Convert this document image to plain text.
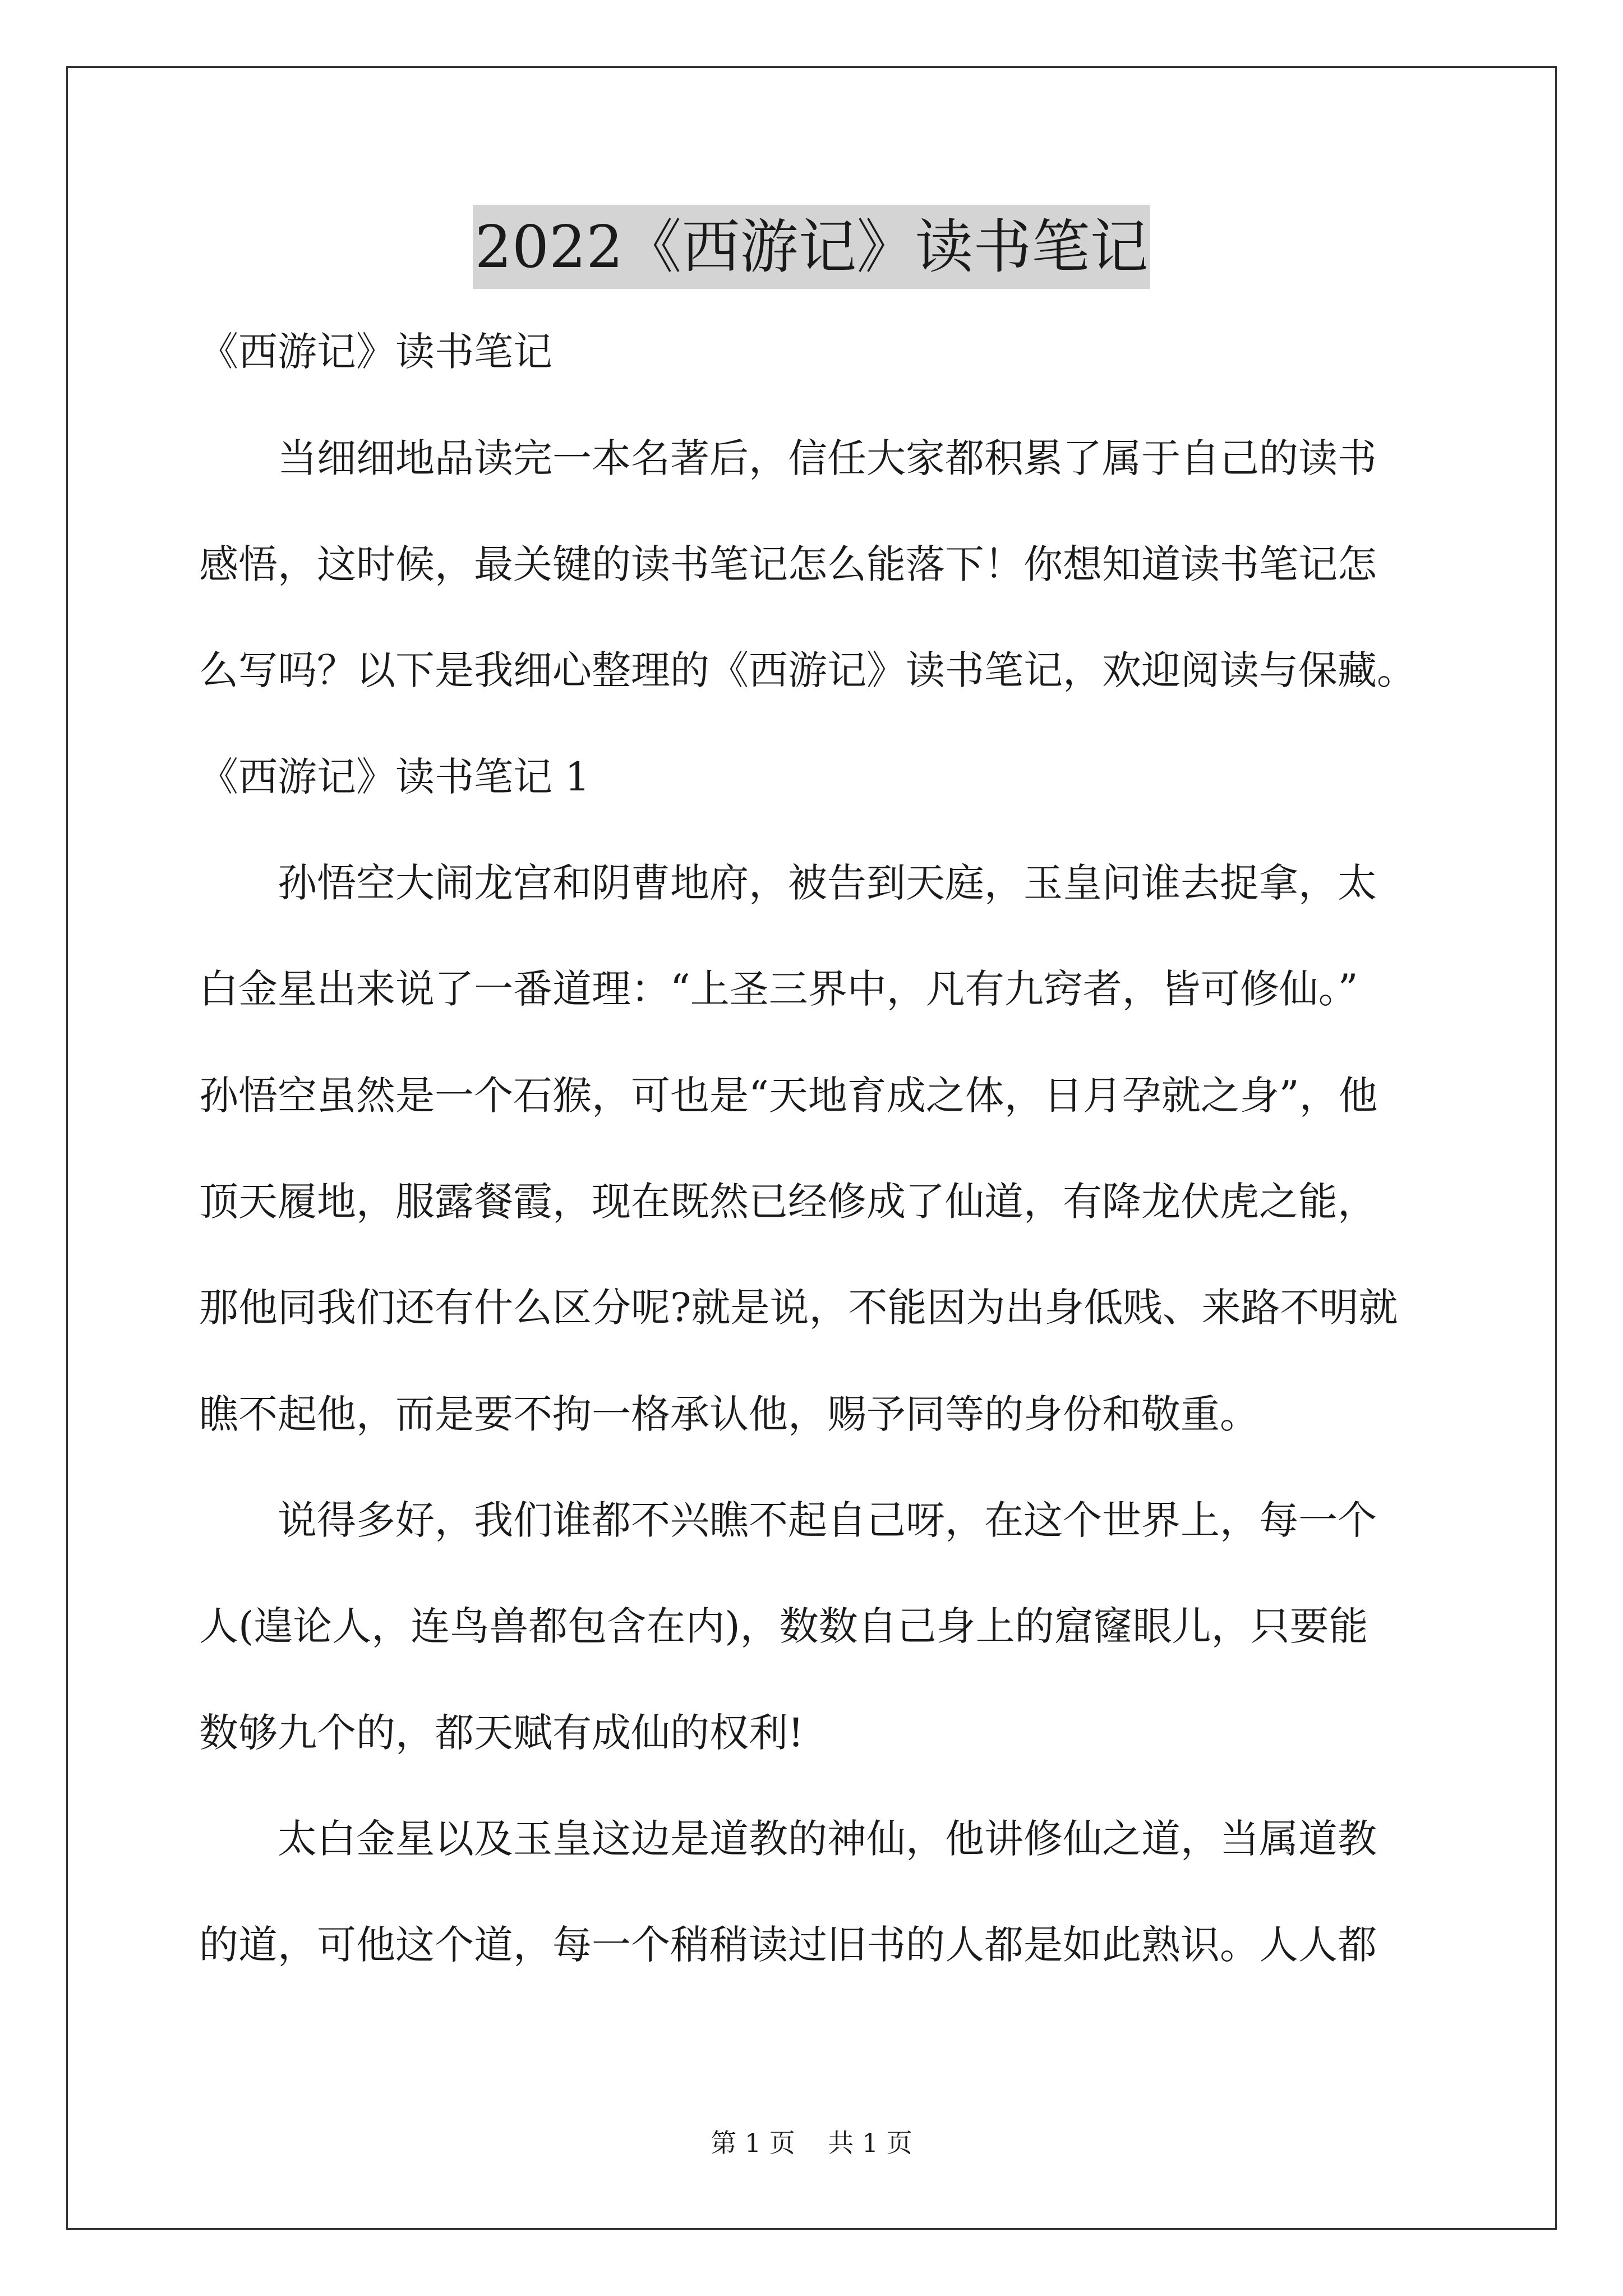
2022《西游记》读书笔记
《西游记》读书笔记
　　当细细地品读完一本名著后，信任大家都积累了属于自己的读书
感悟，这时候，最关键的读书笔记怎么能落下！你想知道读书笔记怎
么写吗？以下是我细心整理的《西游记》读书笔记，欢迎阅读与保藏。
《西游记》读书笔记 1
　　孙悟空大闹龙宫和阴曹地府，被告到天庭，玉皇问谁去捉拿，太
白金星出来说了一番道理：“上圣三界中，凡有九窍者，皆可修仙。”
孙悟空虽然是一个石猴，可也是“天地育成之体，日月孕就之身”，他
顶天履地，服露餐霞，现在既然已经修成了仙道，有降龙伏虎之能，
那他同我们还有什么区分呢?就是说，不能因为出身低贱、来路不明就
瞧不起他，而是要不拘一格承认他，赐予同等的身份和敬重。
　　说得多好，我们谁都不兴瞧不起自己呀，在这个世界上，每一个
人(遑论人，连鸟兽都包含在内)，数数自己身上的窟窿眼儿，只要能
数够九个的，都天赋有成仙的权利!
　　太白金星以及玉皇这边是道教的神仙，他讲修仙之道，当属道教
的道，可他这个道，每一个稍稍读过旧书的人都是如此熟识。人人都
第 1 页    共 1 页
